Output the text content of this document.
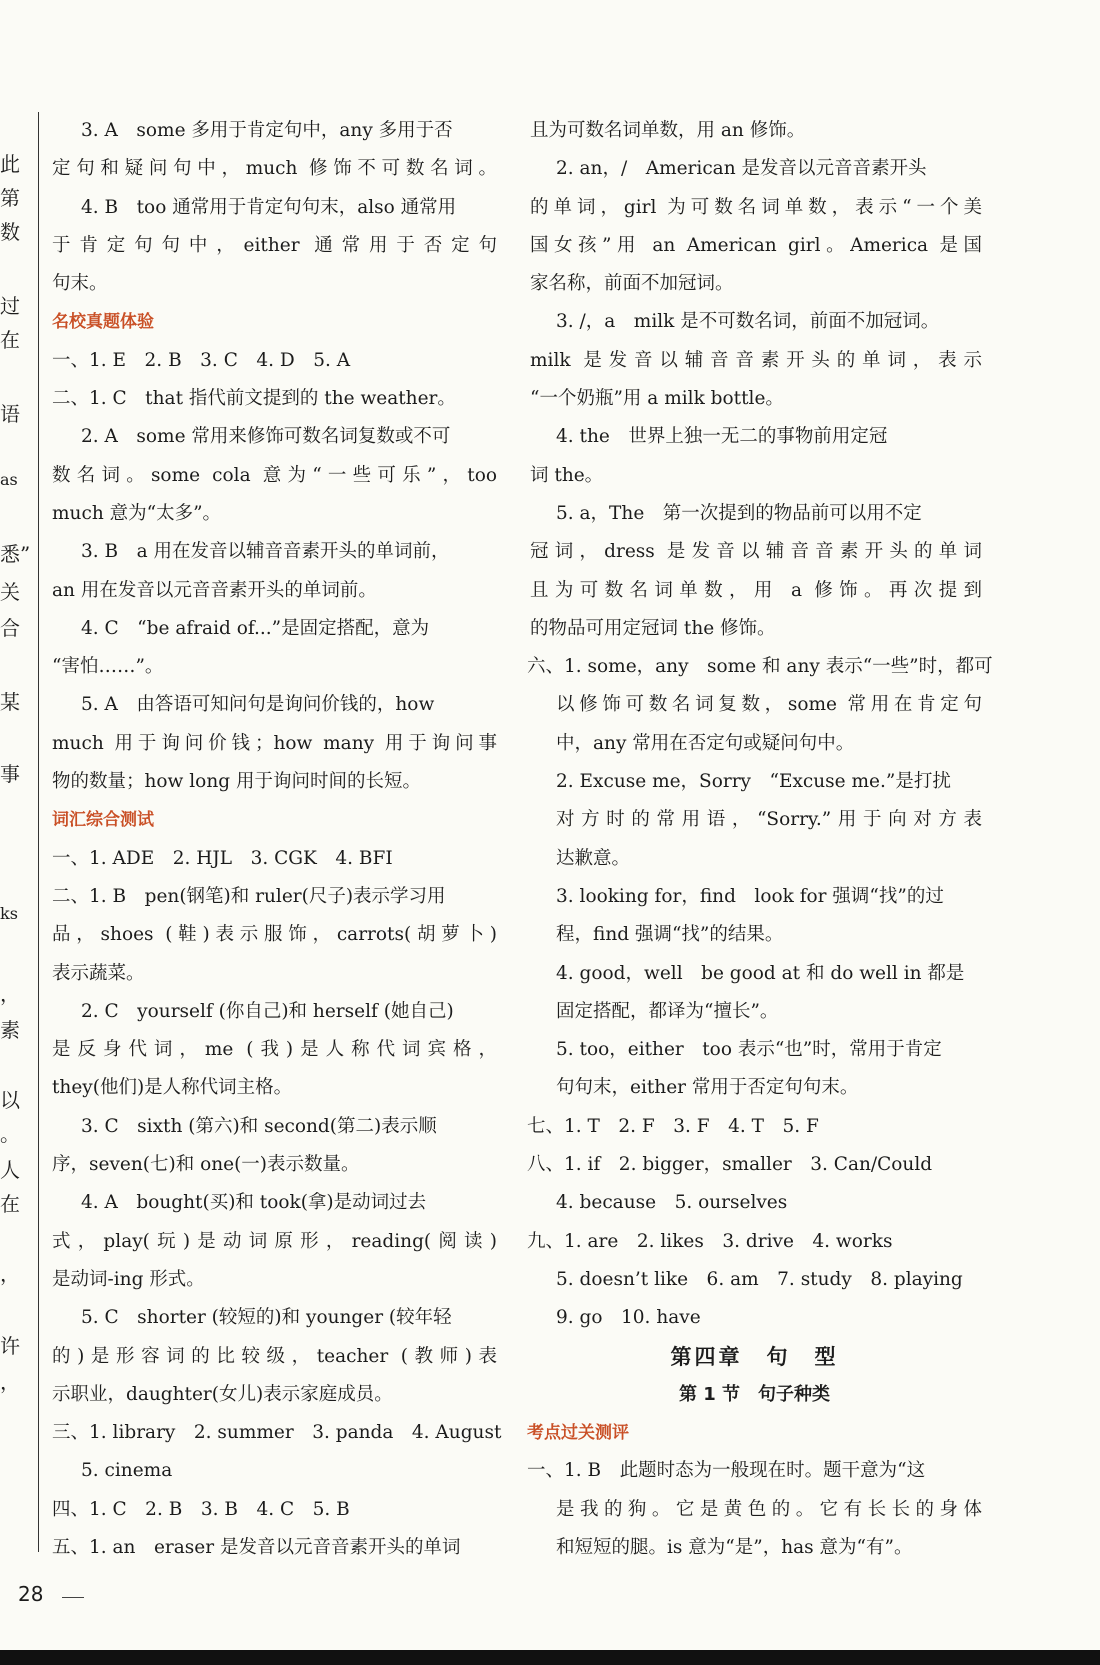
此
第
数
过
在
语
as
悉”
关
合
某
事
ks
，
素
以
。
人
在
，
许
，
3. A　some 多用于肯定句中，any 多用于否
定句和疑问句中，much 修饰不可数名词。
4. B　too 通常用于肯定句句末，also 通常用
于肯定句句中，either 通常用于否定句
句末。
名校真题体验
一、1. E　2. B　3. C　4. D　5. A
二、1. C　that 指代前文提到的 the weather。
2. A　some 常用来修饰可数名词复数或不可
数名词。some cola 意为“一些可乐”，too
much 意为“太多”。
3. B　a 用在发音以辅音音素开头的单词前，
an 用在发音以元音音素开头的单词前。
4. C　“be afraid of...”是固定搭配，意为
“害怕……”。
5. A　由答语可知问句是询问价钱的，how
much 用于询问价钱；how many 用于询问事
物的数量；how long 用于询问时间的长短。
词汇综合测试
一、1. ADE　2. HJL　3. CGK　4. BFI
二、1. B　pen(钢笔)和 ruler(尺子)表示学习用
品，shoes (鞋)表示服饰，carrots(胡萝卜)
表示蔬菜。
2. C　yourself (你自己)和 herself (她自己)
是反身代词，me (我)是人称代词宾格，
they(他们)是人称代词主格。
3. C　sixth (第六)和 second(第二)表示顺
序，seven(七)和 one(一)表示数量。
4. A　bought(买)和 took(拿)是动词过去
式，play(玩)是动词原形，reading(阅读)
是动词-ing 形式。
5. C　shorter (较短的)和 younger (较年轻
的)是形容词的比较级，teacher (教师)表
示职业，daughter(女儿)表示家庭成员。
三、1. library　2. summer　3. panda　4. August
5. cinema
四、1. C　2. B　3. B　4. C　5. B
五、1. an　eraser 是发音以元音音素开头的单词
且为可数名词单数，用 an 修饰。
2. an，/　American 是发音以元音音素开头
的单词，girl 为可数名词单数，表示“一个美
国女孩”用 an American girl。America 是国
家名称，前面不加冠词。
3. /，a　milk 是不可数名词，前面不加冠词。
milk 是发音以辅音音素开头的单词，表示
“一个奶瓶”用 a milk bottle。
4. the　世界上独一无二的事物前用定冠
词 the。
5. a，The　第一次提到的物品前可以用不定
冠词，dress 是发音以辅音音素开头的单词
且为可数名词单数，用 a 修饰。再次提到
的物品可用定冠词 the 修饰。
六、1. some，any　some 和 any 表示“一些”时，都可
以修饰可数名词复数，some 常用在肯定句
中，any 常用在否定句或疑问句中。
2. Excuse me，Sorry　“Excuse me.”是打扰
对方时的常用语，“Sorry.”用于向对方表
达歉意。
3. looking for，find　look for 强调“找”的过
程，find 强调“找”的结果。
4. good，well　be good at 和 do well in 都是
固定搭配，都译为“擅长”。
5. too，either　too 表示“也”时，常用于肯定
句句末，either 常用于否定句句末。
七、1. T　2. F　3. F　4. T　5. F
八、1. if　2. bigger，smaller　3. Can/Could
4. because　5. ourselves
九、1. are　2. likes　3. drive　4. works
5. doesn’t like　6. am　7. study　8. playing
9. go　10. have
第四章　句　型
第 1 节　句子种类
考点过关测评
一、1. B　此题时态为一般现在时。题干意为“这
是我的狗。它是黄色的。它有长长的身体
和短短的腿。is 意为“是”，has 意为“有”。
28
